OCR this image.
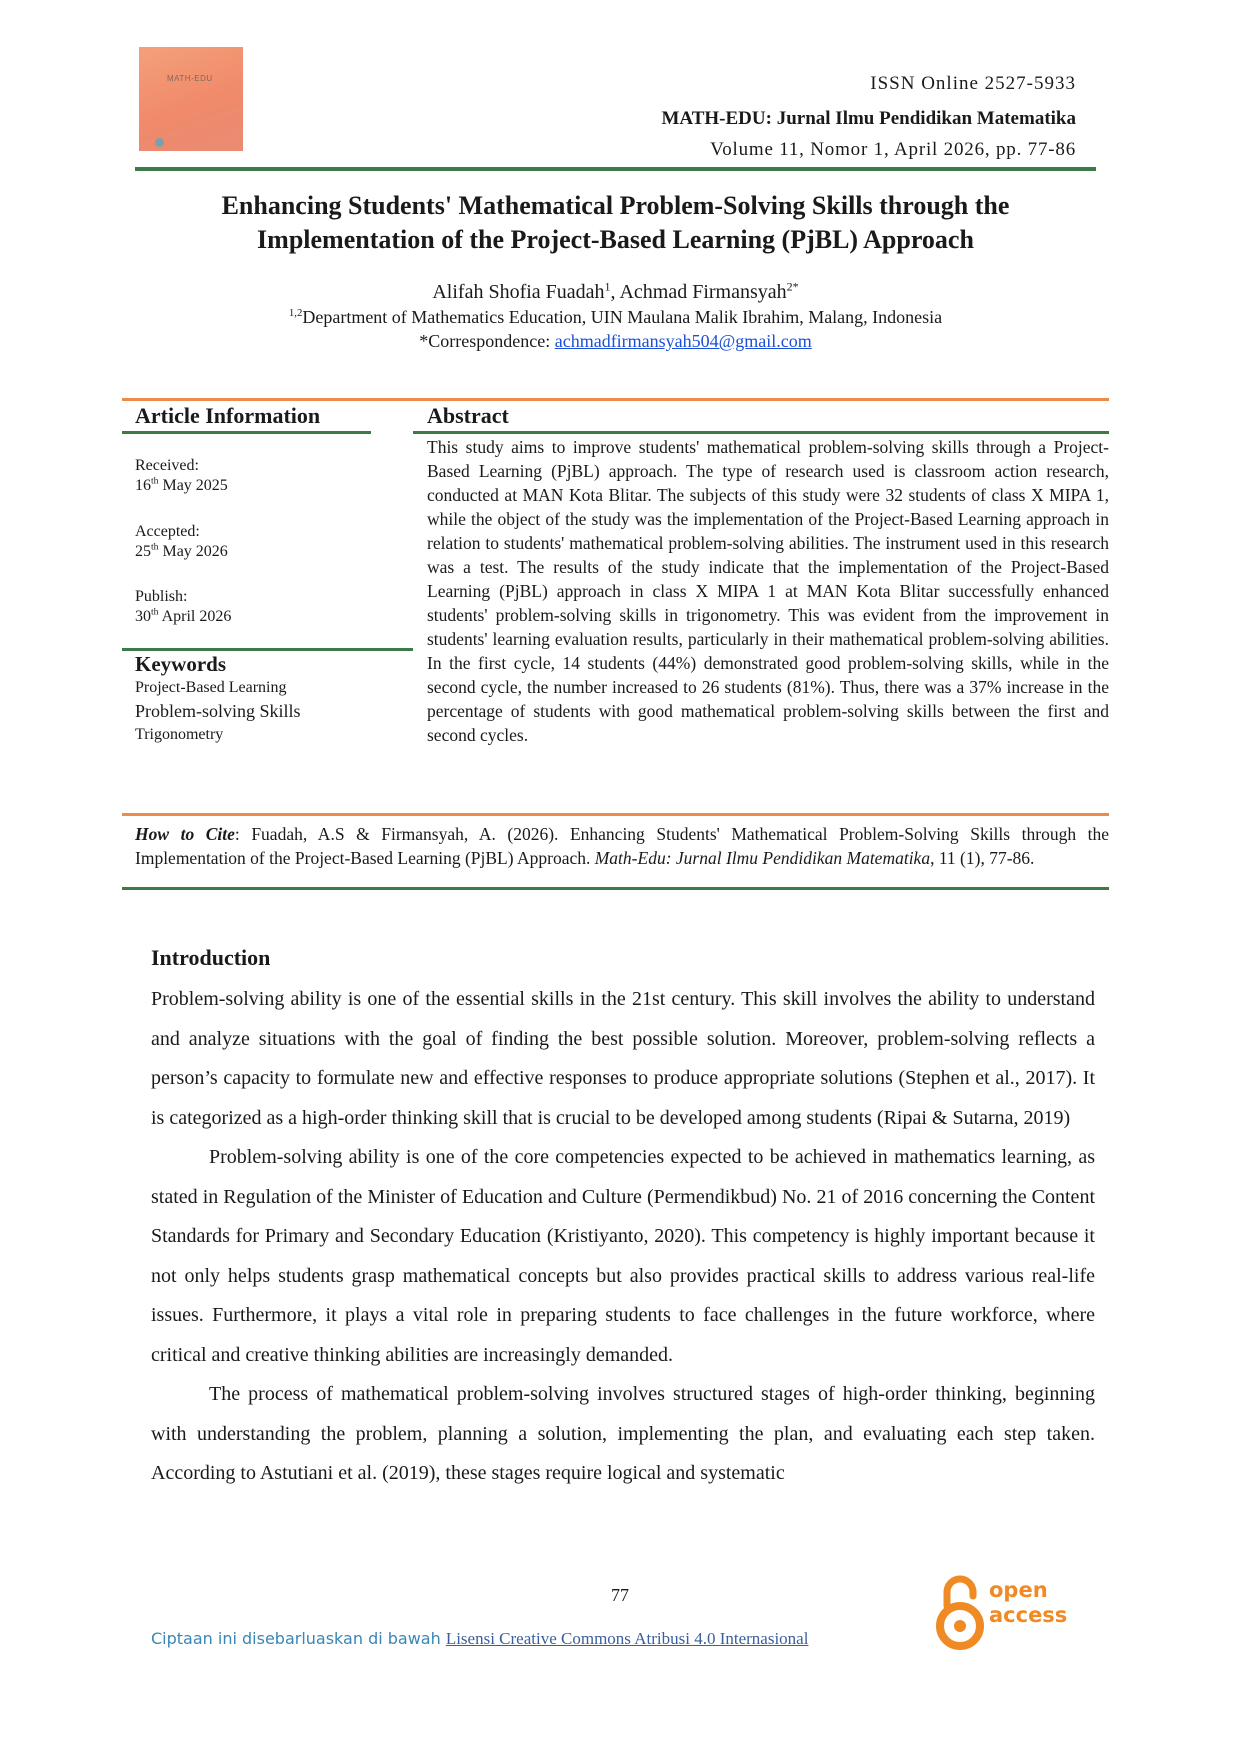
MATH-EDU	ISSN Online 2527-5933
MATH-EDU: Jurnal Ilmu Pendidikan Matematika
Volume 11, Nomor 1, April 2026, pp. 77-86
Enhancing Students' Mathematical Problem-Solving Skills through the
Implementation of the Project-Based Learning (PjBL) Approach
Alifah Shofia Fuadah$^1$, Achmad Firmansyah$^{2*}$
$^{1,2}$Department of Mathematics Education, UIN Maulana Malik Ibrahim, Malang, Indonesia
*Correspondence: achmadfirmansyah504@gmail.com
Article Information	Abstract
Received:
16th May 2025
Accepted:
25th May 2026
Publish:
30th April 2026
Keywords
Project-Based Learning
Problem-solving Skills
Trigonometry
This study aims to improve students' mathematical problem-solving skills through a Project-Based Learning (PjBL) approach. The type of research used is classroom action research, conducted at MAN Kota Blitar. The subjects of this study were 32 students of class X MIPA 1, while the object of the study was the implementation of the Project-Based Learning approach in relation to students' mathematical problem-solving abilities. The instrument used in this research was a test. The results of the study indicate that the implementation of the Project-Based Learning (PjBL) approach in class X MIPA 1 at MAN Kota Blitar successfully enhanced students' problem-solving skills in trigonometry. This was evident from the improvement in students' learning evaluation results, particularly in their mathematical problem-solving abilities. In the first cycle, 14 students (44%) demonstrated good problem-solving skills, while in the second cycle, the number increased to 26 students (81%). Thus, there was a 37% increase in the percentage of students with good mathematical problem-solving skills between the first and second cycles.
How to Cite: Fuadah, A.S & Firmansyah, A. (2026). Enhancing Students' Mathematical Problem-Solving Skills through the Implementation of the Project-Based Learning (PjBL) Approach. Math-Edu: Jurnal Ilmu Pendidikan Matematika, 11 (1), 77-86.
Introduction

Problem-solving ability is one of the essential skills in the 21st century. This skill involves the ability to understand and analyze situations with the goal of finding the best possible solution. Moreover, problem-solving reflects a person’s capacity to formulate new and effective responses to produce appropriate solutions (Stephen et al., 2017). It is categorized as a high-order thinking skill that is crucial to be developed among students (Ripai & Sutarna, 2019)

Problem-solving ability is one of the core competencies expected to be achieved in mathematics learning, as stated in Regulation of the Minister of Education and Culture (Permendikbud) No. 21 of 2016 concerning the Content Standards for Primary and Secondary Education (Kristiyanto, 2020). This competency is highly important because it not only helps students grasp mathematical concepts but also provides practical skills to address various real-life issues. Furthermore, it plays a vital role in preparing students to face challenges in the future workforce, where critical and creative thinking abilities are increasingly demanded.

The process of mathematical problem-solving involves structured stages of high-order thinking, beginning with understanding the problem, planning a solution, implementing the plan, and evaluating each step taken. According to Astutiani et al. (2019), these stages require logical and systematic

77	open
access
Ciptaan ini disebarluaskan di bawah Lisensi Creative Commons Atribusi 4.0 Internasional
